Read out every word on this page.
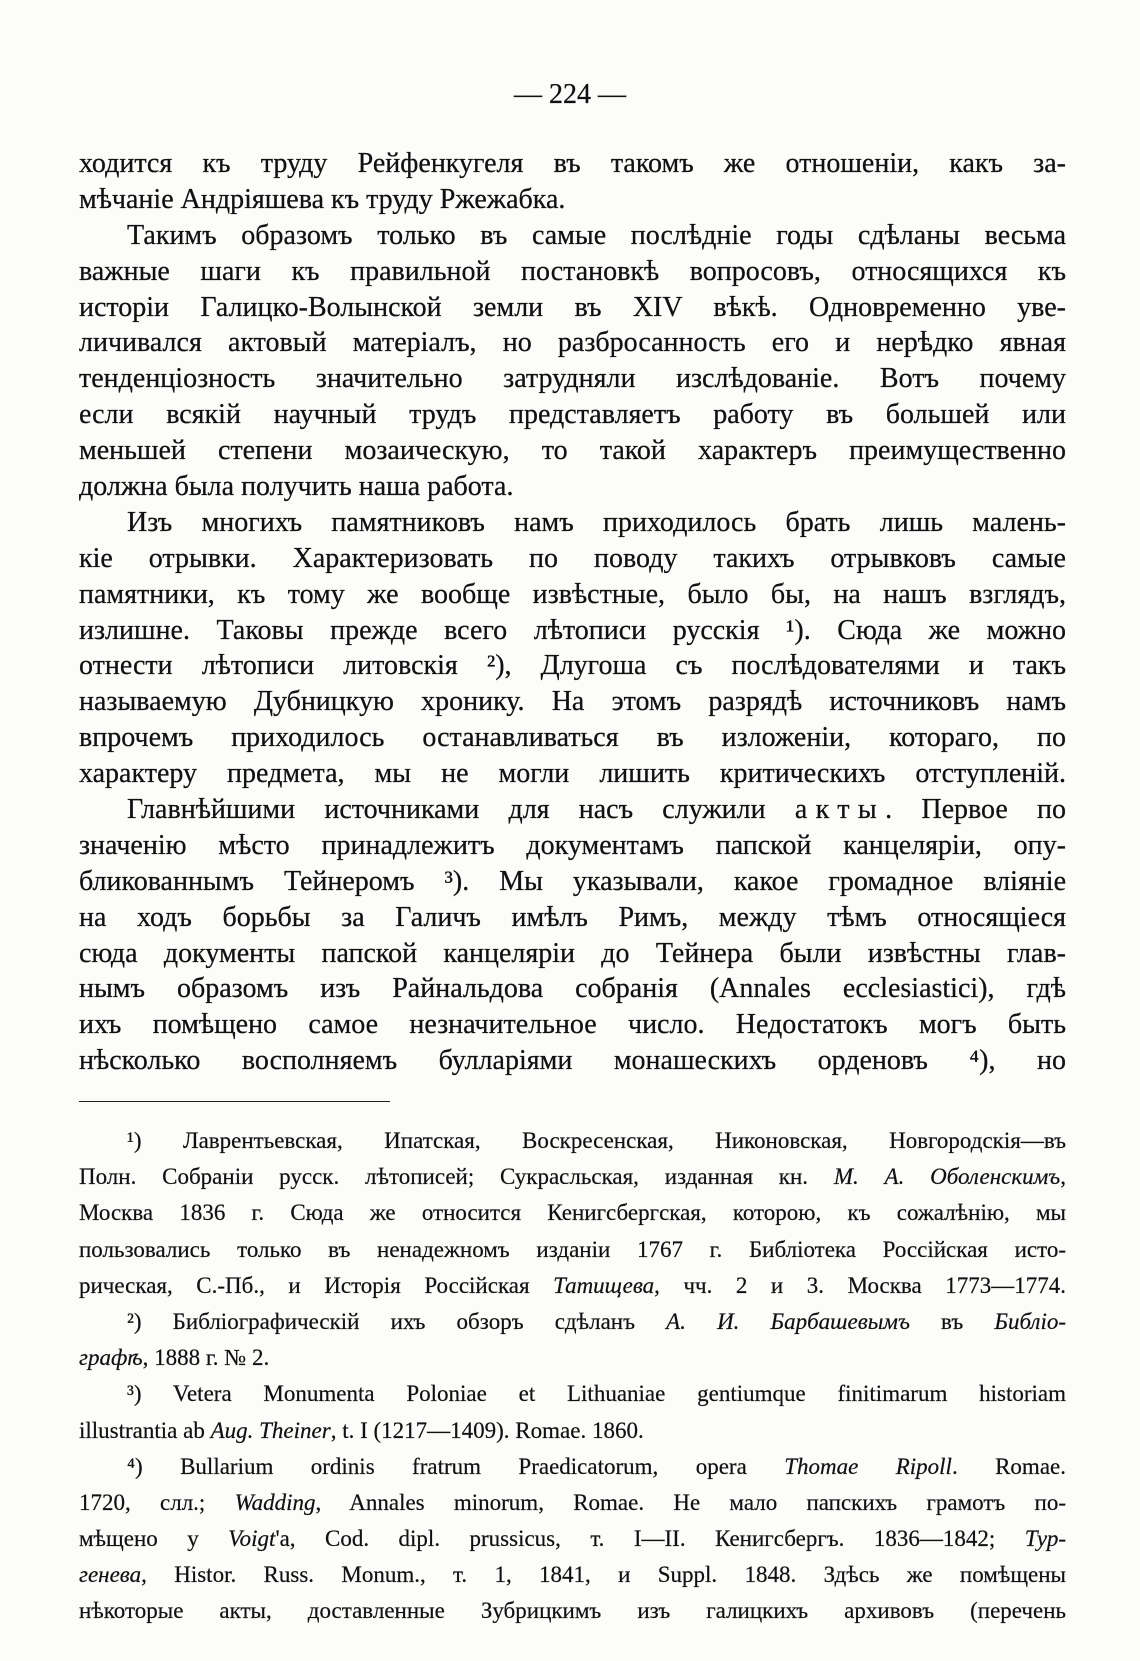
— 224 —
ходится къ труду Рейфенкугеля въ такомъ же отношеніи, какъ за-
мѣчаніе Андріяшева къ труду Ржежабка.
Такимъ образомъ только въ самые послѣдніе годы сдѣланы весьма
важные шаги къ правильной постановкѣ вопросовъ, относящихся къ
исторіи Галицко-Волынской земли въ XIV вѣкѣ. Одновременно уве-
личивался актовый матеріалъ, но разбросанность его и нерѣдко явная
тенденціозность значительно затрудняли изслѣдованіе. Вотъ почему
если всякій научный трудъ представляетъ работу въ большей или
меньшей степени мозаическую, то такой характеръ преимущественно
должна была получить наша работа.
Изъ многихъ памятниковъ намъ приходилось брать лишь малень-
кіе отрывки. Характеризовать по поводу такихъ отрывковъ самые
памятники, къ тому же вообще извѣстные, было бы, на нашъ взглядъ,
излишне. Таковы прежде всего лѣтописи русскія ¹). Сюда же можно
отнести лѣтописи литовскія ²), Длугоша съ послѣдователями и такъ
называемую Дубницкую хронику. На этомъ разрядѣ источниковъ намъ
впрочемъ приходилось останавливаться въ изложеніи, котораго, по
характеру предмета, мы не могли лишить критическихъ отступленій.
Главнѣйшими источниками для насъ служили акты. Первое по
значенію мѣсто принадлежитъ документамъ папской канцеляріи, опу-
бликованнымъ Тейнеромъ ³). Мы указывали, какое громадное вліяніе
на ходъ борьбы за Галичъ имѣлъ Римъ, между тѣмъ относящіеся
сюда документы папской канцеляріи до Тейнера были извѣстны глав-
нымъ образомъ изъ Райнальдова собранія (Annales ecclesiastici), гдѣ
ихъ помѣщено самое незначительное число. Недостатокъ могъ быть
нѣсколько восполняемъ булларіями монашескихъ орденовъ ⁴), но
¹) Лаврентьевская, Ипатская, Воскресенская, Никоновская, Новгородскія—въ
Полн. Собраніи русск. лѣтописей; Сукрасльская, изданная кн. М. А. Оболенскимъ,
Москва 1836 г. Сюда же относится Кенигсбергская, которою, къ сожалѣнію, мы
пользовались только въ ненадежномъ изданіи 1767 г. Библіотека Россійская исто-
рическая, С.-Пб., и Исторія Россійская Татищева, чч. 2 и 3. Москва 1773—1774.
²) Библіографическій ихъ обзоръ сдѣланъ А. И. Барбашевымъ въ Библіо-
графѣ, 1888 г. № 2.
³) Vetera Monumenta Poloniae et Lithuaniae gentiumque finitimarum historiam
illustrantia ab Aug. Theiner, t. I (1217—1409). Romae. 1860.
⁴) Bullarium ordinis fratrum Praedicatorum, opera Thomae Ripoll. Romae.
1720, слл.; Wadding, Annales minorum, Romae. Не мало папскихъ грамотъ по-
мѣщено у Voigt'a, Cod. dipl. prussicus, т. I—II. Кенигсбергъ. 1836—1842; Тур-
генева, Histor. Russ. Monum., т. 1, 1841, и Suppl. 1848. Здѣсь же помѣщены
нѣкоторые акты, доставленные Зубрицкимъ изъ галицкихъ архивовъ (перечень
